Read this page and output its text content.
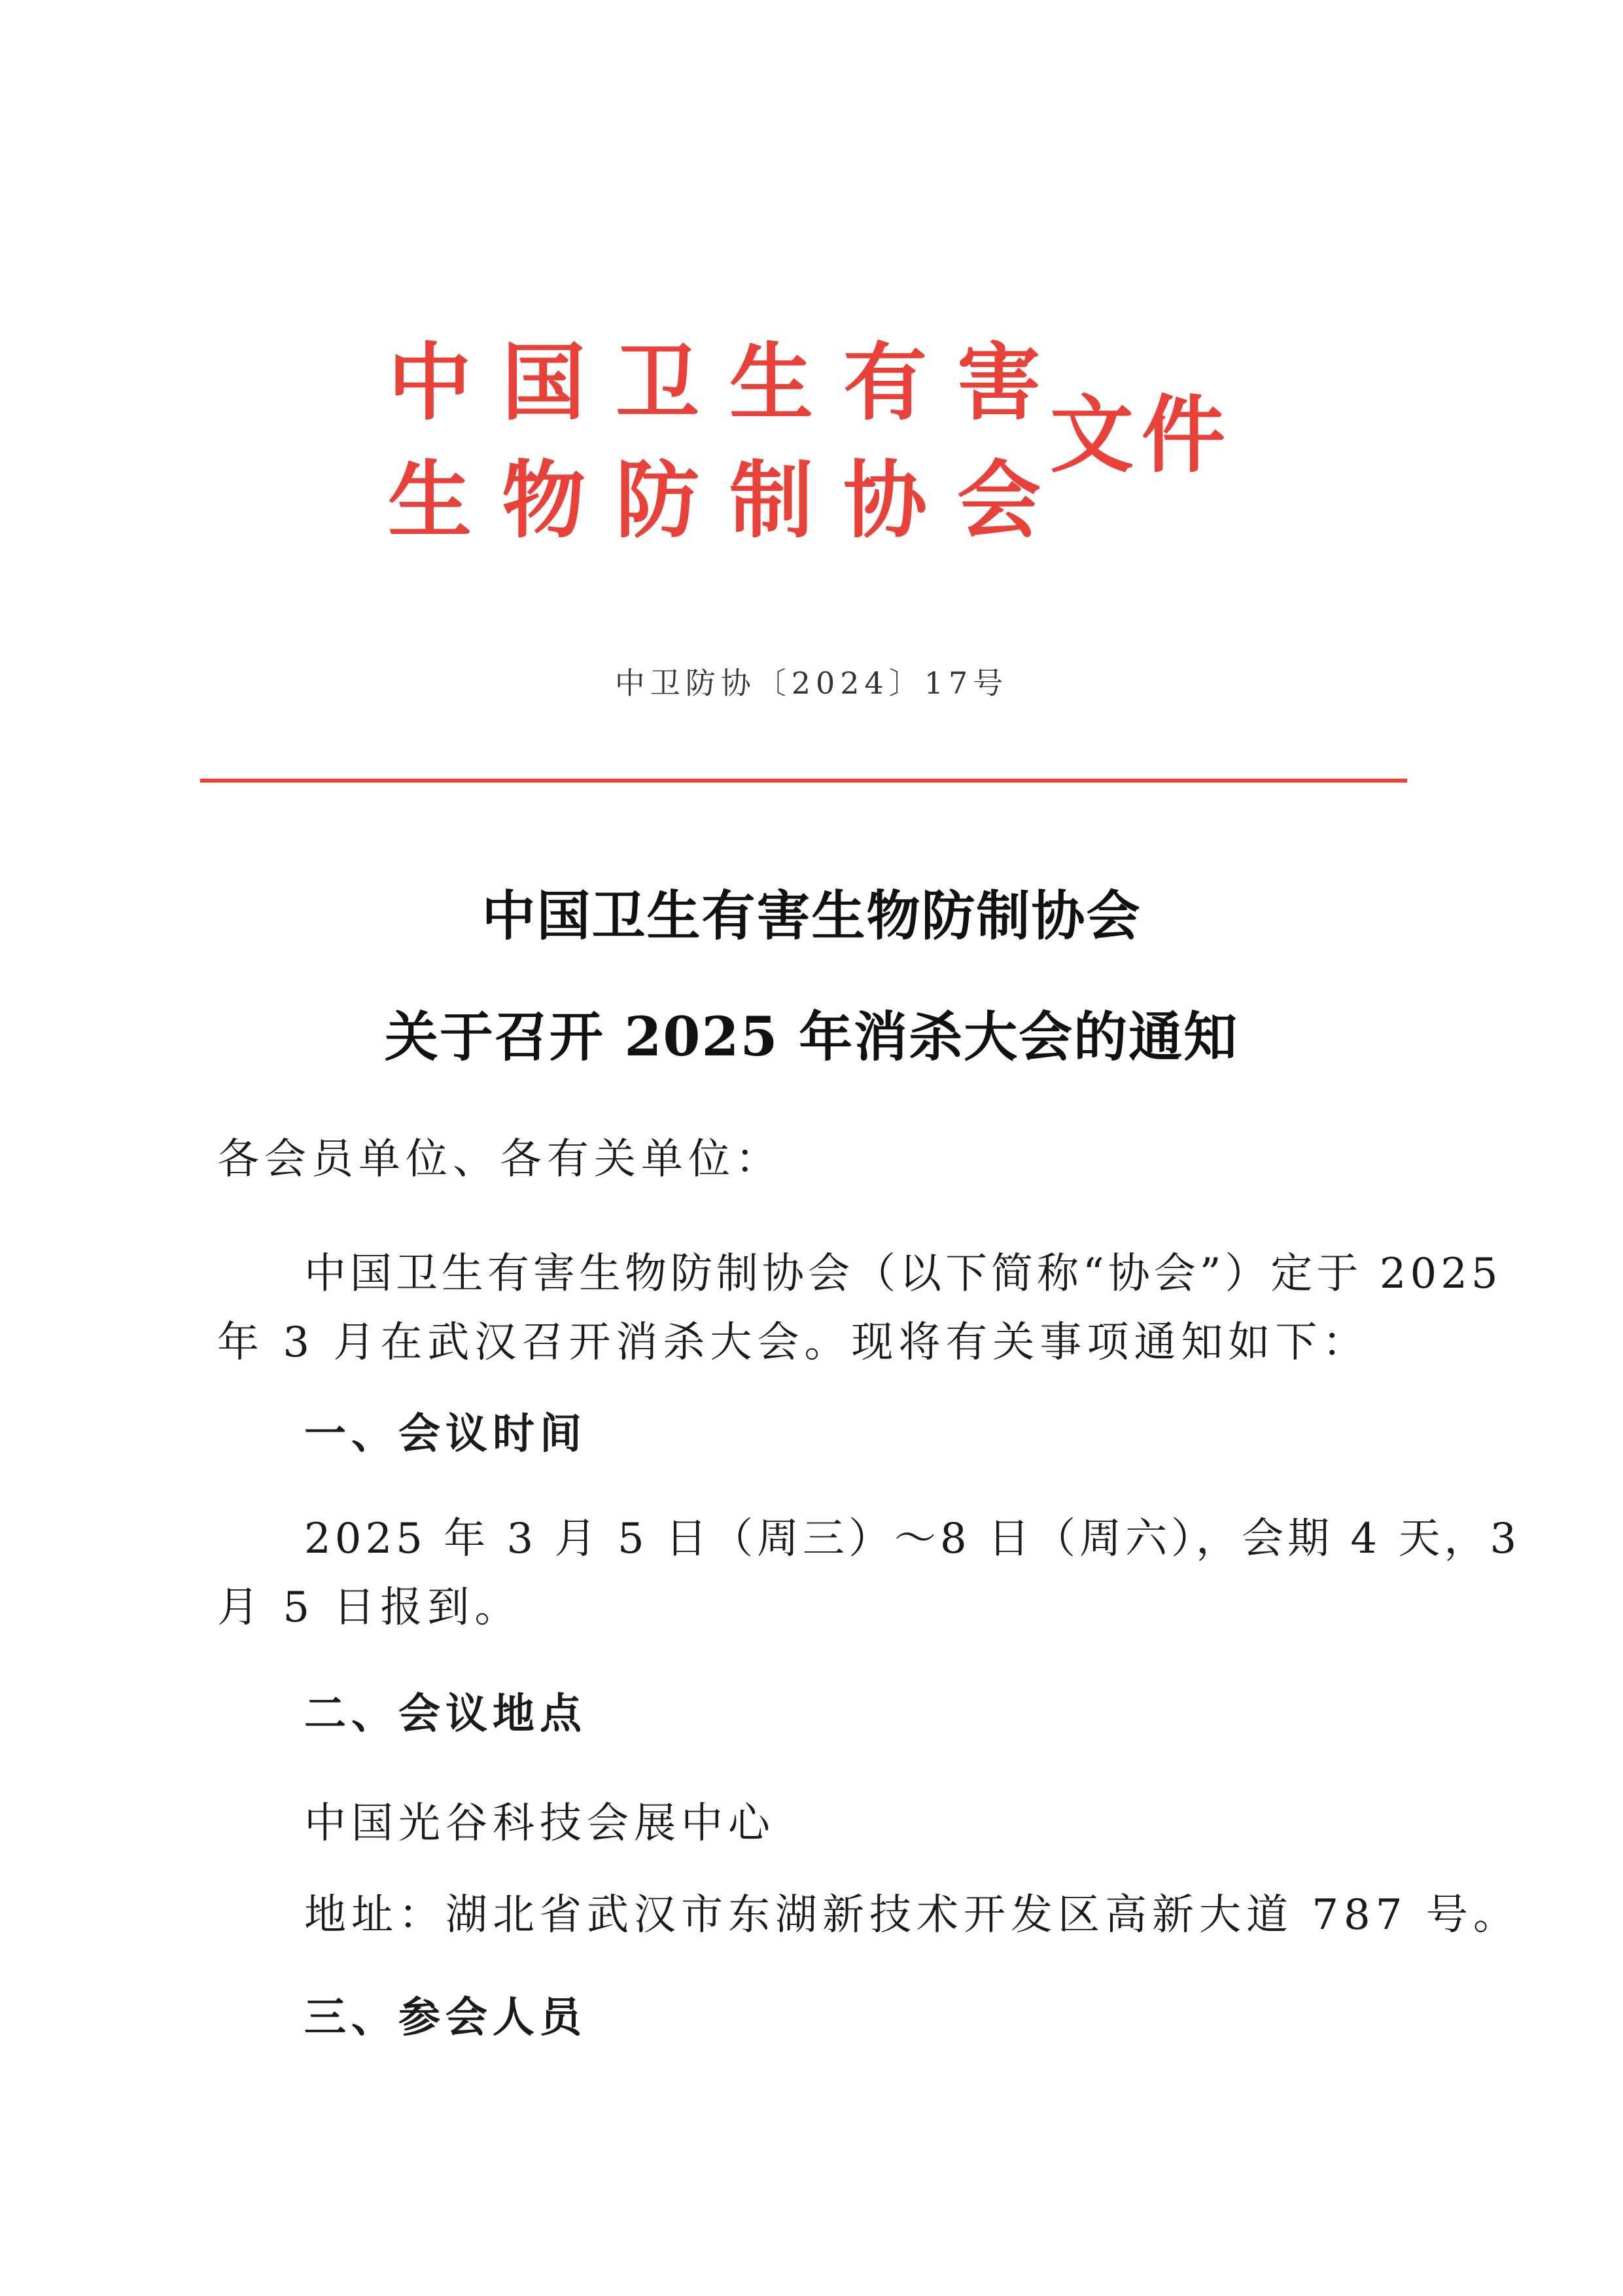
中 国 卫 生 有 害
生 物 防 制 协 会
文件
中卫防协〔2024〕17号
中国卫生有害生物防制协会
关于召开 2025 年消杀大会的通知
各会员单位、各有关单位：
中国卫生有害生物防制协会（以下简称“协会”）定于 2025
年 3 月在武汉召开消杀大会。现将有关事项通知如下：
一、会议时间
2025 年 3 月 5 日（周三）～8 日（周六），会期 4 天，3
月 5 日报到。
二、会议地点
中国光谷科技会展中心
地址：湖北省武汉市东湖新技术开发区高新大道 787 号。
三、参会人员
